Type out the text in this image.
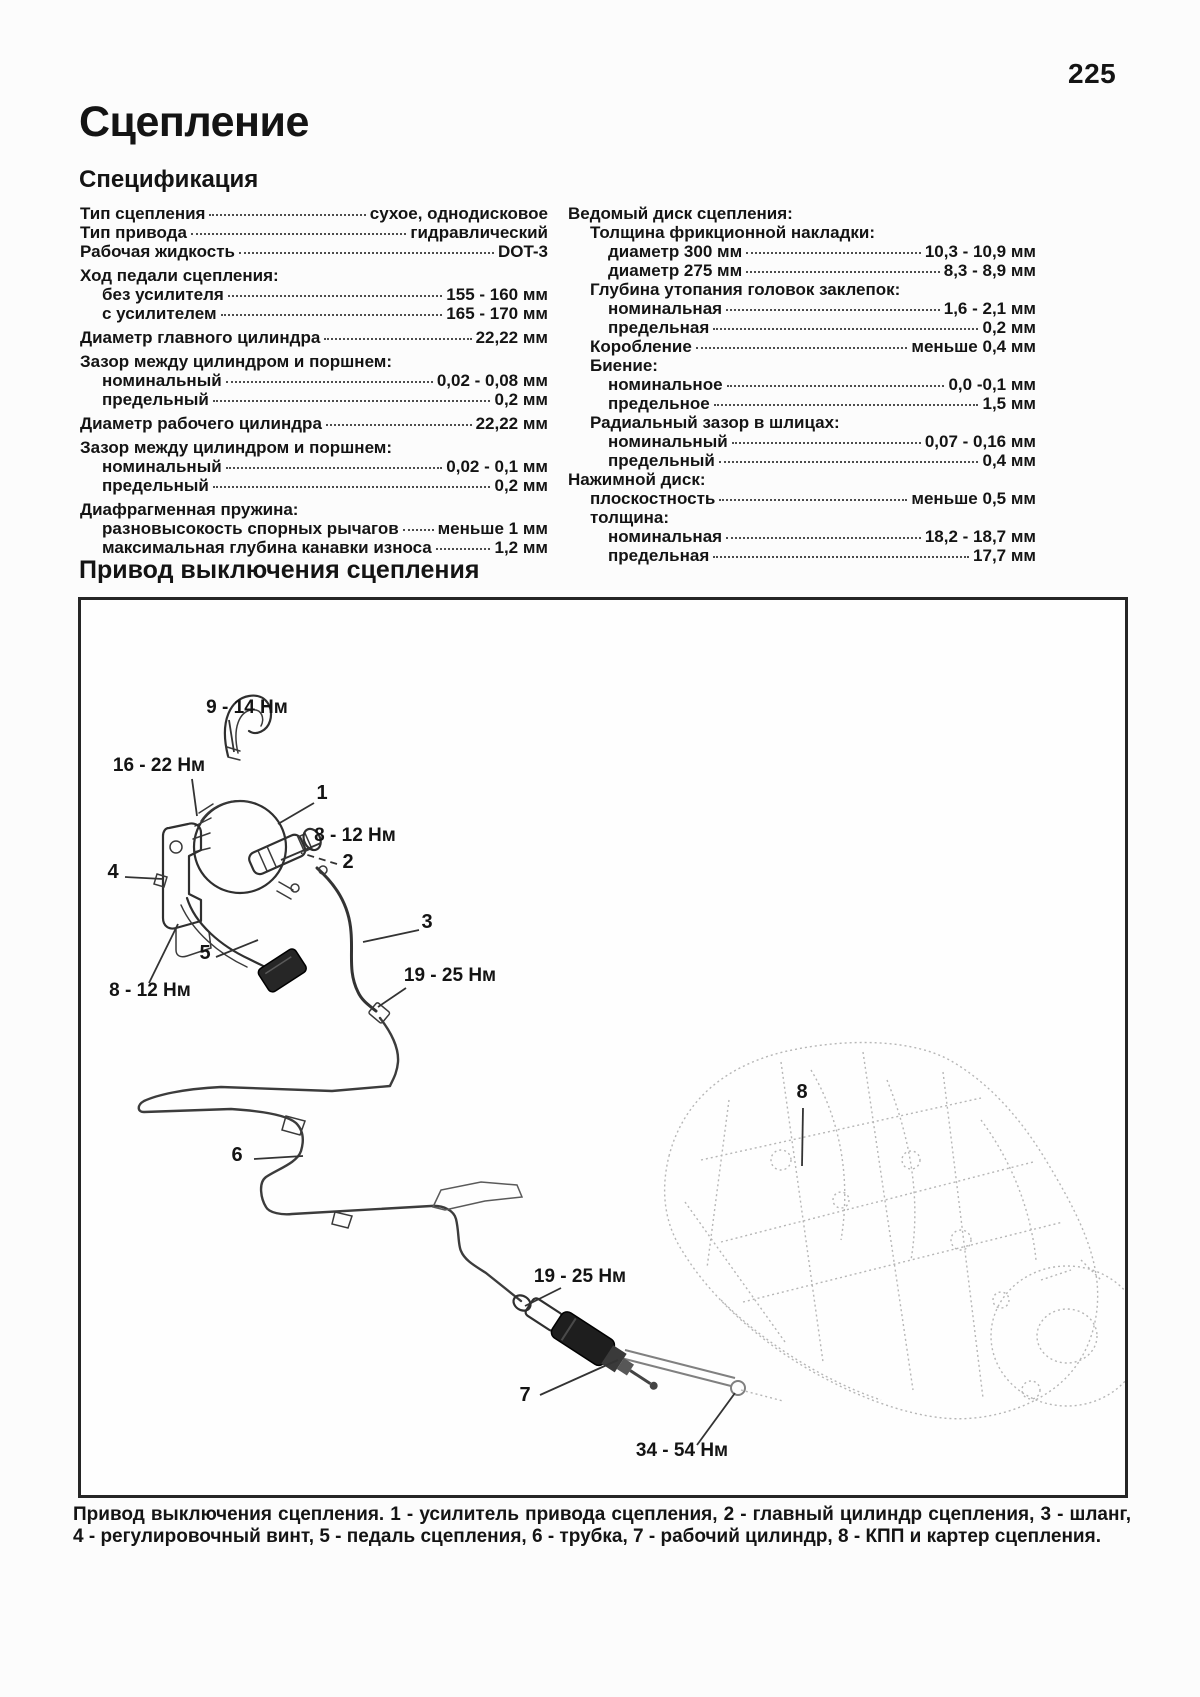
225
Сцепление
Спецификация
Тип сцепления	сухое, однодисковое
Тип привода	гидравлический
Рабочая жидкость	DOT-3
Ход педали сцепления:
без усилителя	155 - 160 мм
с усилителем	165 - 170 мм
Диаметр главного цилиндра	22,22 мм
Зазор между цилиндром и поршнем:
номинальный	0,02 - 0,08 мм
предельный	0,2 мм
Диаметр рабочего цилиндра	22,22 мм
Зазор между цилиндром и поршнем:
номинальный	0,02 - 0,1 мм
предельный	0,2 мм
Диафрагменная пружина:
разновысокость спорных рычагов меньше 1 мм
максимальная глубина канавки износа	1,2 мм
Ведомый диск сцепления:
Толщина фрикционной накладки:
диаметр 300 мм	10,3 - 10,9 мм
диаметр 275 мм	8,3 - 8,9 мм
Глубина утопания головок заклепок:
номинальная	1,6 - 2,1 мм
предельная	0,2 мм
Коробление	меньше 0,4 мм
Биение:
номинальное	0,0 -0,1 мм
предельное	1,5 мм
Радиальный зазор в шлицах:
номинальный	0,07 - 0,16 мм
предельный	0,4 мм
Нажимной диск:
плоскостность	меньше 0,5 мм
толщина:
номинальная	18,2 - 18,7 мм
предельная	17,7 мм
Привод выключения сцепления
9 - 14 Нм
16 - 22 Нм
1
8 - 12 Нм
2
4
3
5
8 - 12 Нм
19 - 25 Нм
6
8
19 - 25 Нм
7
34 - 54 Нм

Привод выключения сцепления. 1 - усилитель привода сцепления, 2 - главный цилиндр сцепления, 3 - шланг, 4 - регулировочный винт, 5 - педаль сцепления, 6 - трубка, 7 - рабочий цилиндр, 8 - КПП и картер сцепления.
